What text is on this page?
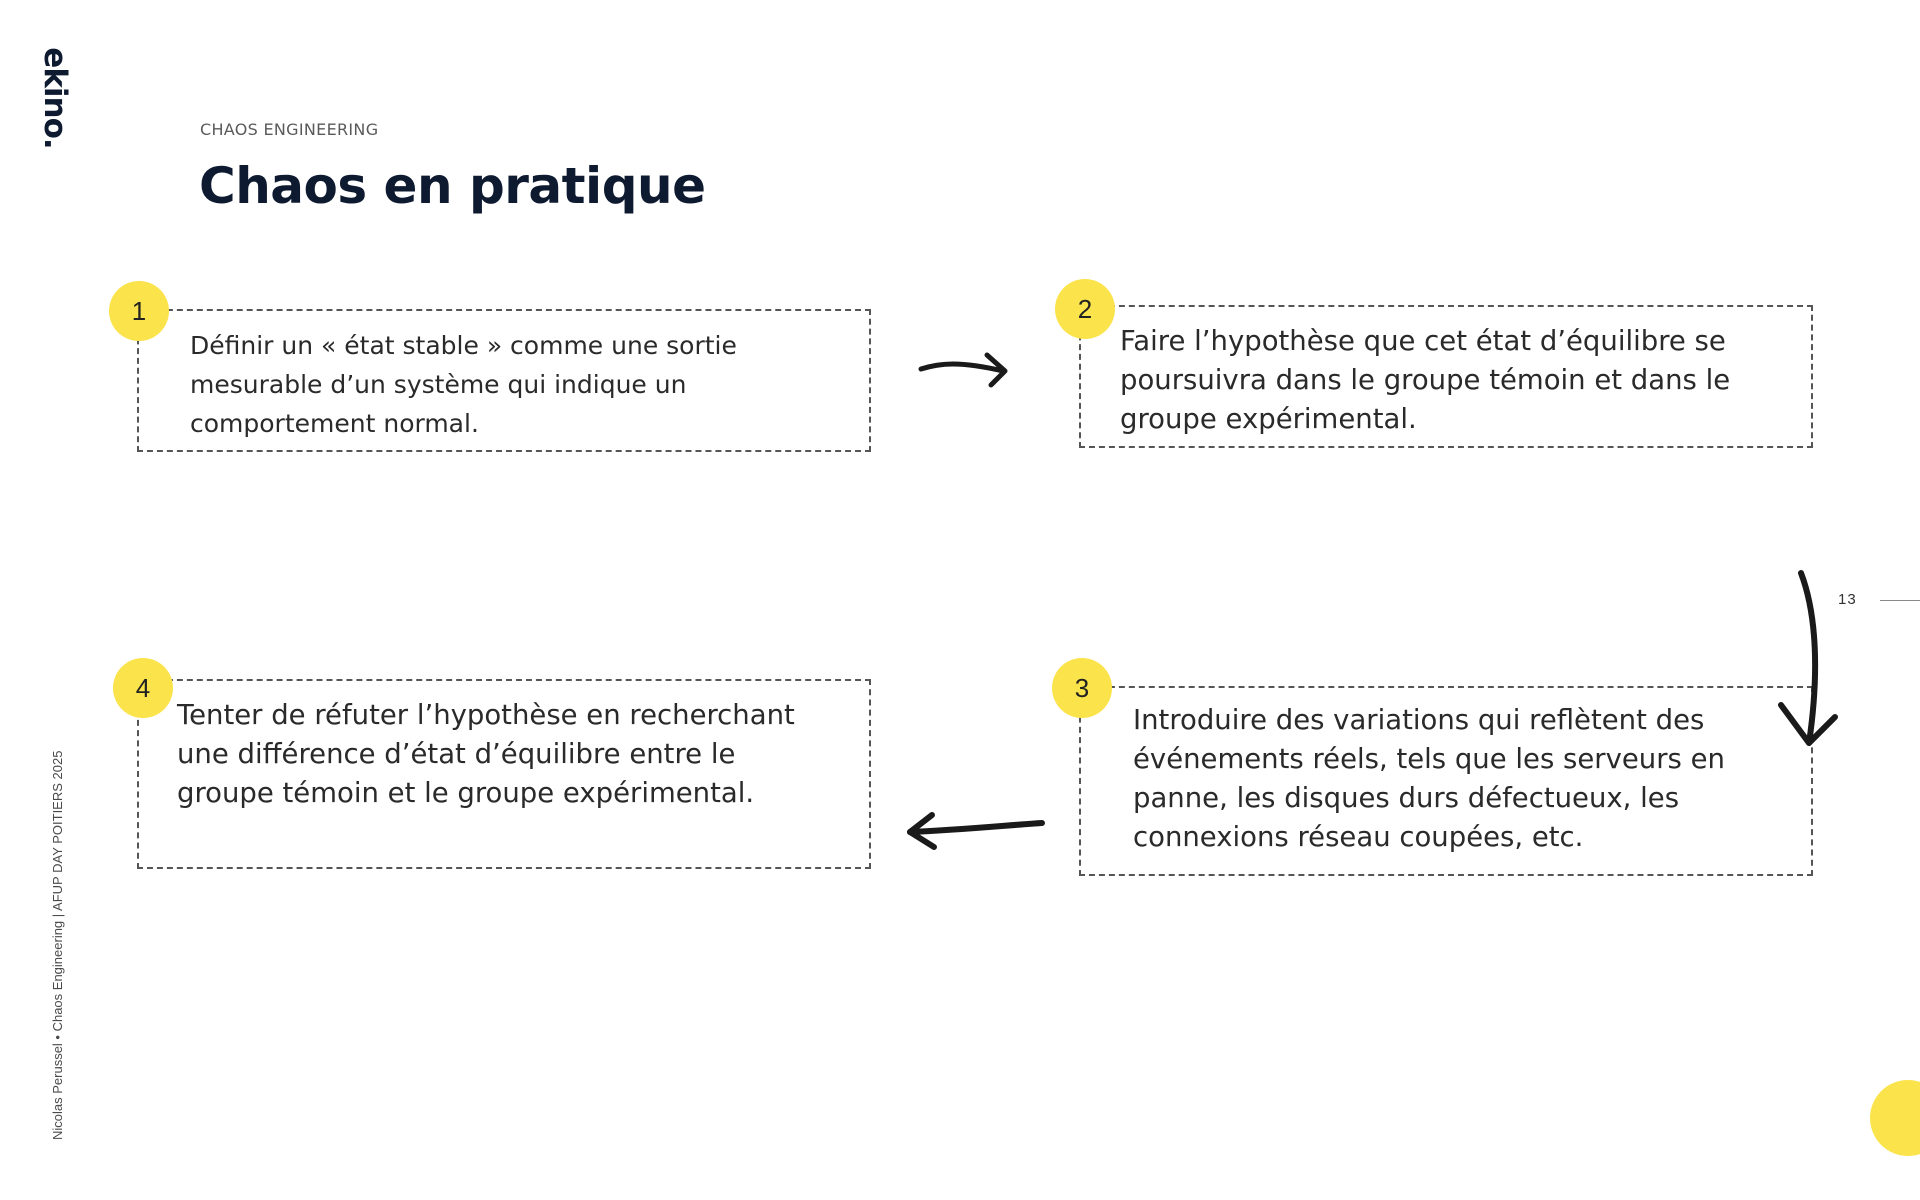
ekino.
Nicolas Perussel • Chaos Engineering | AFUP DAY POITIERS 2025
CHAOS ENGINEERING
Chaos en pratique

Définir un « état stable » comme une sortie mesurable d’un système qui indique un comportement normal.

1

Faire l’hypothèse que cet état d’équilibre se poursuivra dans le groupe témoin et dans le groupe expérimental.

2

Introduire des variations qui reflètent des événements réels, tels que les serveurs en panne, les disques durs défectueux, les connexions réseau coupées, etc.

3

Tenter de réfuter l’hypothèse en recherchant une différence d’état d’équilibre entre le groupe témoin et le groupe expérimental.

4
13
